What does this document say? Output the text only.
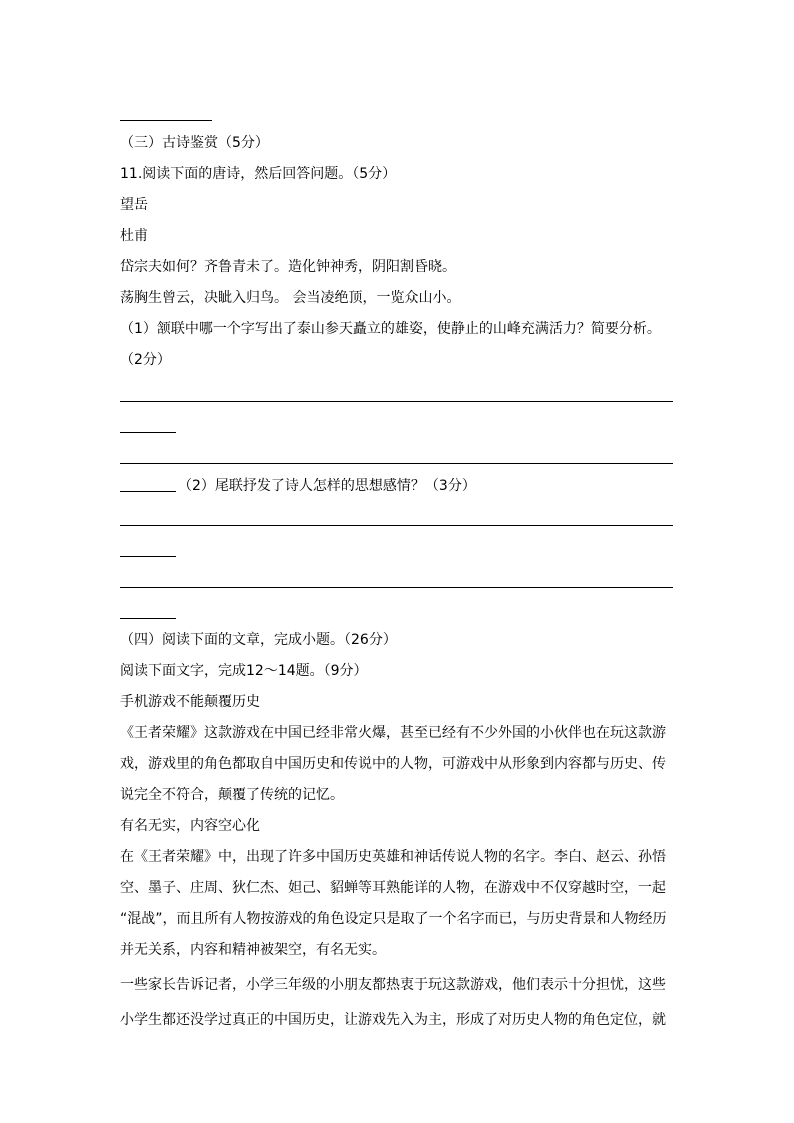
（三）古诗鉴赏（5分）
11.阅读下面的唐诗，然后回答问题。（5分）
望岳
杜甫
岱宗夫如何？齐鲁青未了。造化钟神秀，阴阳割昏晓。
荡胸生曾云，决眦入归鸟。 会当凌绝顶，一览众山小。
（1）颔联中哪一个字写出了泰山参天矗立的雄姿，使静止的山峰充满活力？简要分析。
（2分）
（2）尾联抒发了诗人怎样的思想感情？（3分）
（四）阅读下面的文章，完成小题。（26分）
阅读下面文字，完成12～14题。（9分）
手机游戏不能颠覆历史
《王者荣耀》这款游戏在中国已经非常火爆，甚至已经有不少外国的小伙伴也在玩这款游
戏，游戏里的角色都取自中国历史和传说中的人物，可游戏中从形象到内容都与历史、传
说完全不符合，颠覆了传统的记忆。
有名无实，内容空心化
在《王者荣耀》中，出现了许多中国历史英雄和神话传说人物的名字。李白、赵云、孙悟
空、墨子、庄周、狄仁杰、妲己、貂蝉等耳熟能详的人物，在游戏中不仅穿越时空，一起
“混战”，而且所有人物按游戏的角色设定只是取了一个名字而已，与历史背景和人物经历
并无关系，内容和精神被架空，有名无实。
一些家长告诉记者，小学三年级的小朋友都热衷于玩这款游戏，他们表示十分担忧，这些
小学生都还没学过真正的中国历史，让游戏先入为主，形成了对历史人物的角色定位，就
